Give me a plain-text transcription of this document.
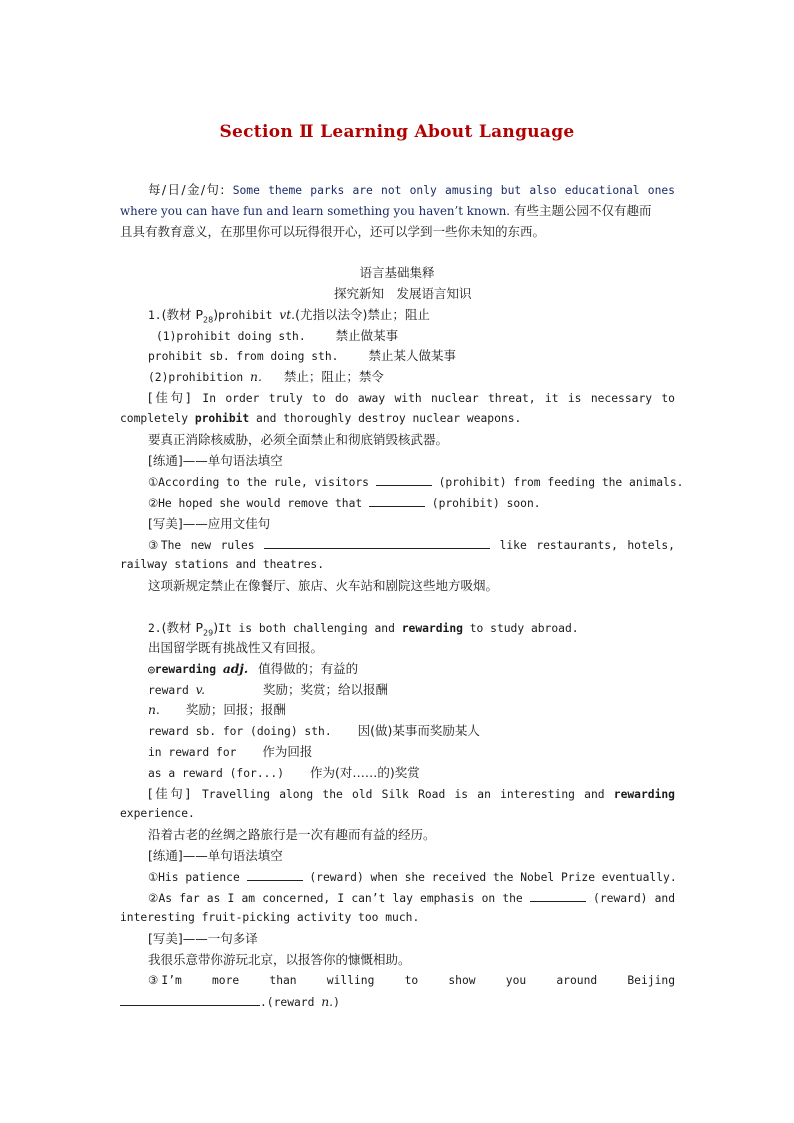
Section Ⅱ Learning About Language
每/日/金/句: Some theme parks are not only amusing but also educational ones
where you can have fun and learn something you haven’t known. 有些主题公园不仅有趣而
且具有教育意义，在那里你可以玩得很开心，还可以学到一些你未知的东西。
语言基础集释
探究新知　发展语言知识
1.(教材 $P_{28})prohibit$ vt.(尤指以法令)禁止；阻止
(1)prohibit doing sth. 禁止做某事
prohibit sb. from doing sth. 禁止某人做某事
(2)prohibition n. 禁止；阻止；禁令
[佳句] In order truly to do away with nuclear threat, it is necessary to
completely prohibit and thoroughly destroy nuclear weapons.
要真正消除核威胁，必须全面禁止和彻底销毁核武器。
[练通]——单句语法填空
①According to the rule, visitors	(prohibit) from feeding the animals.
②He hoped she would remove that	(prohibit) soon.
[写美]——应用文佳句
③The new rules	like restaurants, hotels,
railway stations and theatres.
这项新规定禁止在像餐厅、旅店、火车站和剧院这些地方吸烟。
2.(教材 $P_{29})It$ is both challenging and rewarding to study abroad.
出国留学既有挑战性又有回报。
◎rewarding adj. 值得做的；有益的
reward v.	奖励；奖赏；给以报酬
n. 奖励；回报；报酬
reward sb. for (doing) sth. 因(做)某事而奖励某人
in reward for 作为回报
as a reward (for...) 作为(对……的)奖赏
[佳句] Travelling along the old Silk Road is an interesting and rewarding
experience.
沿着古老的丝绸之路旅行是一次有趣而有益的经历。
[练通]——单句语法填空
①His patience	(reward) when she received the Nobel Prize eventually.
②As far as I am concerned, I can’t lay emphasis on the	(reward) and
interesting fruit-picking activity too much.
[写美]——一句多译
我很乐意带你游玩北京，以报答你的慷慨相助。
③I’m   more   than   willing   to   show   you   around   Beijing
.(reward n.)
